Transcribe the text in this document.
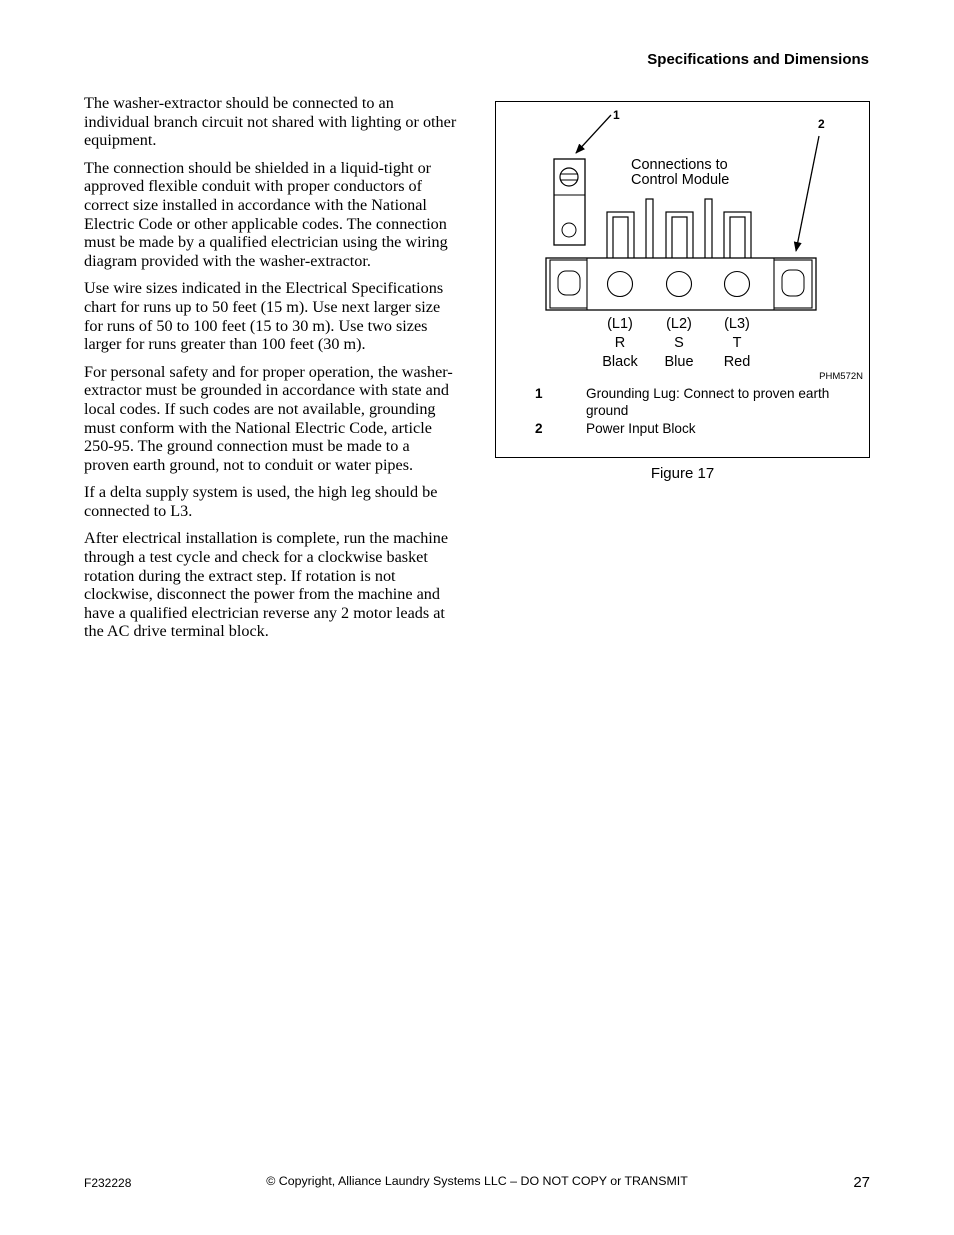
Specifications and Dimensions

The washer-extractor should be connected to an individual branch circuit not shared with lighting or other equipment.

The connection should be shielded in a liquid-tight or approved flexible conduit with proper conductors of correct size installed in accordance with the National Electric Code or other applicable codes. The connection must be made by a qualified electrician using the wiring diagram provided with the washer-extractor.

Use wire sizes indicated in the Electrical Specifications chart for runs up to 50 feet (15 m). Use next larger size for runs of 50 to 100 feet (15 to 30 m). Use two sizes larger for runs greater than 100 feet (30 m).

For personal safety and for proper operation, the washer-extractor must be grounded in accordance with state and local codes. If such codes are not available, grounding must conform with the National Electric Code, article 250-95. The ground connection must be made to a proven earth ground, not to conduit or water pipes.

If a delta supply system is used, the high leg should be connected to L3.

After electrical installation is complete, run the machine through a test cycle and check for a clockwise basket rotation during the extract step. If rotation is not clockwise, disconnect the power from the machine and have a qualified electrician reverse any 2 motor leads at the AC drive terminal block.

1
2
Connections to
Control Module
(L1)
R
Black
(L2)
S
Blue
(L3)
T
Red
PHM572N
1	Grounding Lug: Connect to proven earth ground
2	Power Input Block
Figure 17
F232228	© Copyright, Alliance Laundry Systems LLC – DO NOT COPY or TRANSMIT	27
